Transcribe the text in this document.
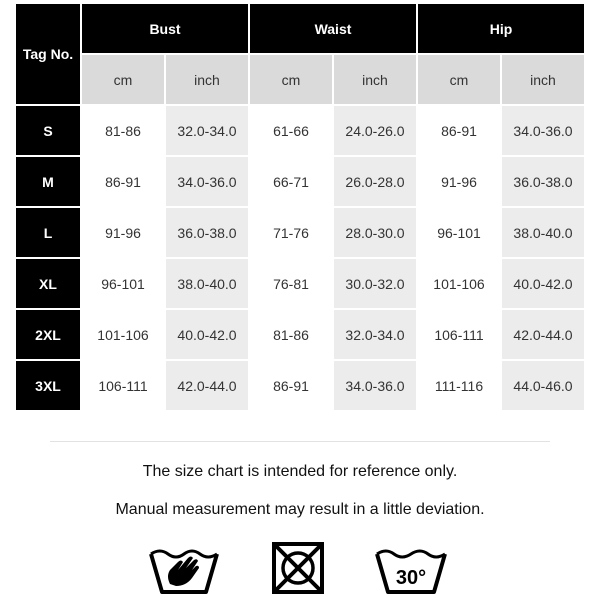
Tag No.	Bust		Waist		Hip	
	cm	inch	cm	inch	cm	inch
S	81-86	32.0-34.0	61-66	24.0-26.0	86-91	34.0-36.0
M	86-91	34.0-36.0	66-71	26.0-28.0	91-96	36.0-38.0
L	91-96	36.0-38.0	71-76	28.0-30.0	96-101	38.0-40.0
XL	96-101	38.0-40.0	76-81	30.0-32.0	101-106	40.0-42.0
2XL	101-106	40.0-42.0	81-86	32.0-34.0	106-111	42.0-44.0
3XL	106-111	42.0-44.0	86-91	34.0-36.0	111-116	44.0-46.0
The size chart is intended for reference only.
Manual measurement may result in a little deviation.
30°
